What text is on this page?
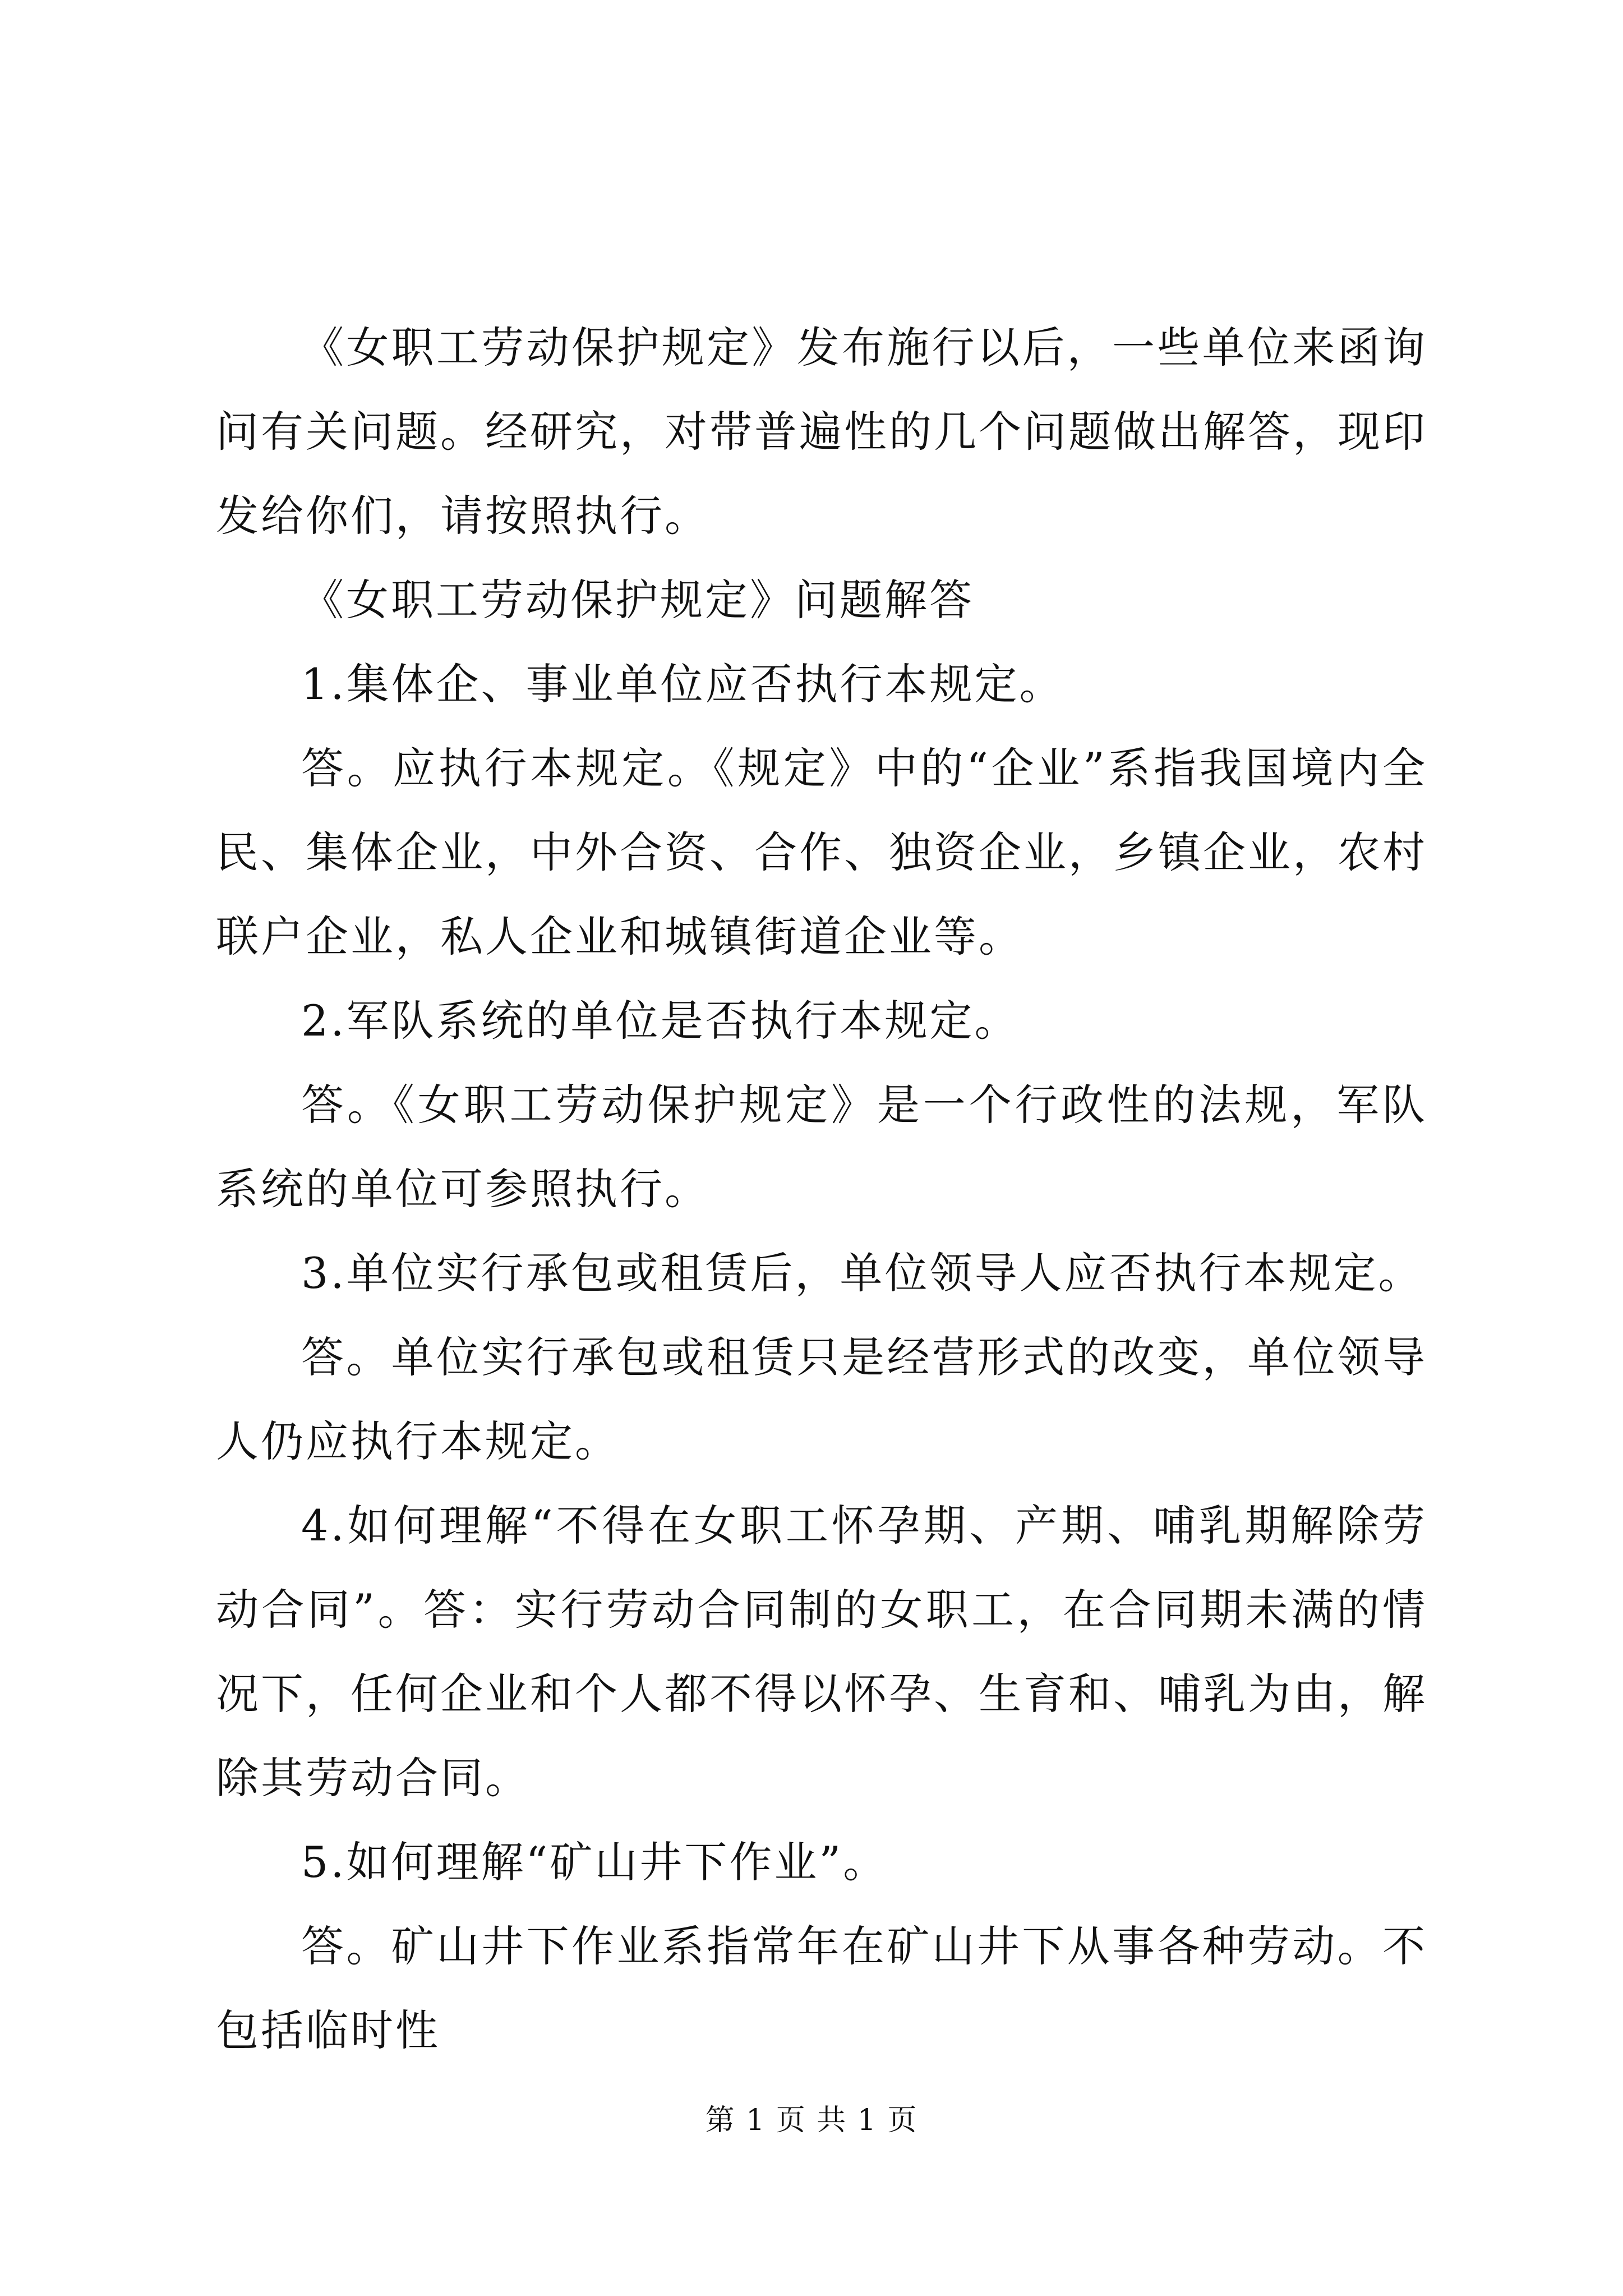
《女职工劳动保护规定》发布施行以后，一些单位来函询问有关问题。经研究，对带普遍性的几个问题做出解答，现印发给你们，请按照执行。

《女职工劳动保护规定》问题解答

1.集体企、事业单位应否执行本规定。

答。应执行本规定。《规定》中的“企业”系指我国境内全民、集体企业，中外合资、合作、独资企业，乡镇企业，农村联户企业，私人企业和城镇街道企业等。

2.军队系统的单位是否执行本规定。

答。《女职工劳动保护规定》是一个行政性的法规，军队系统的单位可参照执行。

3.单位实行承包或租赁后，单位领导人应否执行本规定。

答。单位实行承包或租赁只是经营形式的改变，单位领导人仍应执行本规定。

4.如何理解“不得在女职工怀孕期、产期、哺乳期解除劳动合同”。答：实行劳动合同制的女职工，在合同期未满的情况下，任何企业和个人都不得以怀孕、生育和、哺乳为由，解除其劳动合同。

5.如何理解“矿山井下作业”。

答。矿山井下作业系指常年在矿山井下从事各种劳动。不包括临时性

第 1 页 共 1 页
